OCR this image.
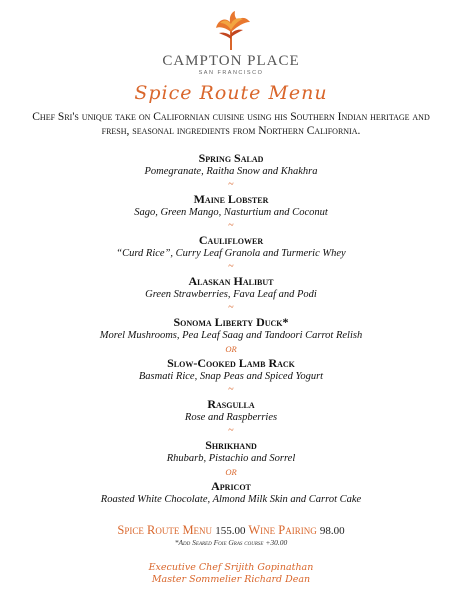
CAMPTON PLACE
SAN FRANCISCO
Spice Route Menu
Chef Sri's unique take on Californian cuisine using his Southern Indian heritage and fresh, seasonal ingredients from Northern California.
Spring Salad
Pomegranate, Raitha Snow and Khakhra
~
Maine Lobster
Sago, Green Mango, Nasturtium and Coconut
~
Cauliflower
“Curd Rice”, Curry Leaf Granola and Turmeric Whey
~
Alaskan Halibut
Green Strawberries, Fava Leaf and Podi
~
Sonoma Liberty Duck*
Morel Mushrooms, Pea Leaf Saag and Tandoori Carrot Relish
OR
Slow-Cooked Lamb Rack
Basmati Rice, Snap Peas and Spiced Yogurt
~
Rasgulla
Rose and Raspberries
~
Shrikhand
Rhubarb, Pistachio and Sorrel
OR
Apricot
Roasted White Chocolate, Almond Milk Skin and Carrot Cake
Spice Route Menu 155.00 Wine Pairing 98.00
*Add Seared Foie Gras course +30.00
Executive Chef Srijith Gopinathan
Master Sommelier Richard Dean
